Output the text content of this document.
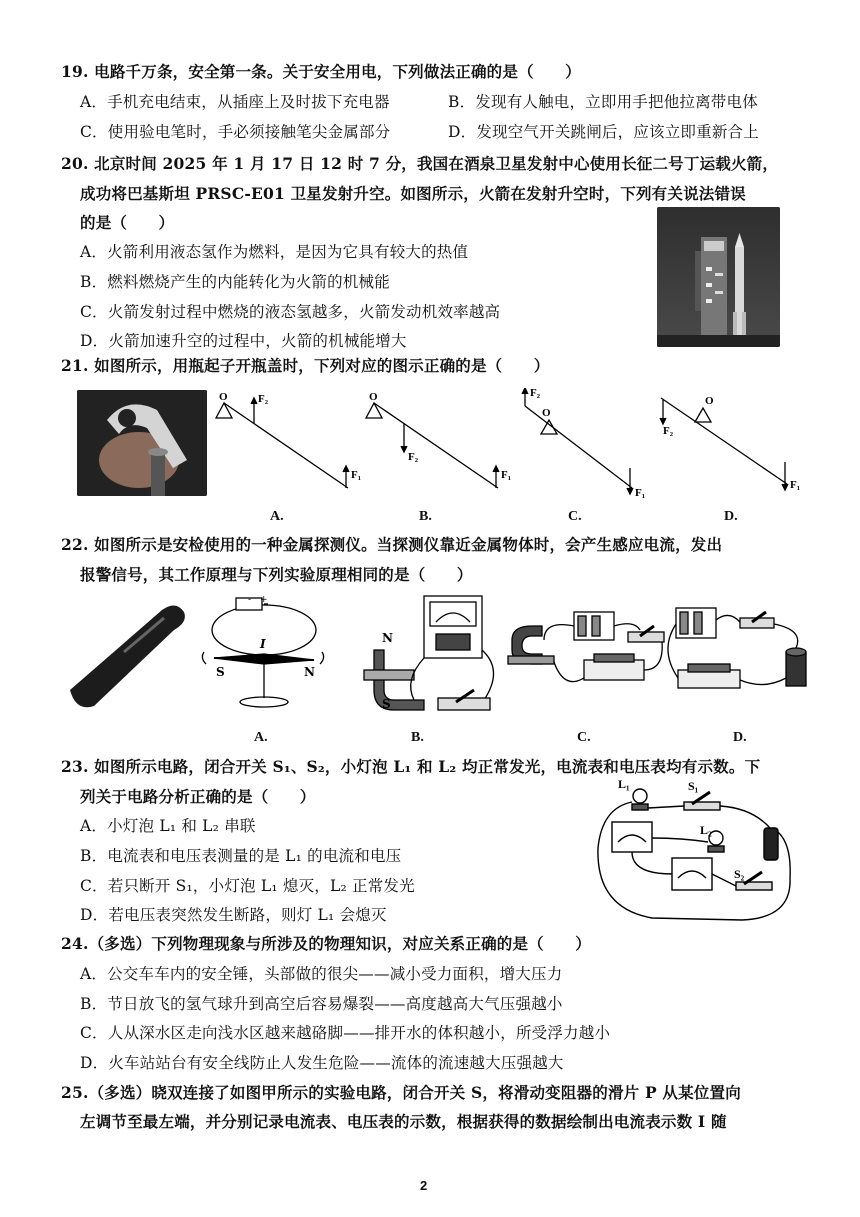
19. 电路千万条，安全第一条。关于安全用电，下列做法正确的是（　　）
A．手机充电结束，从插座上及时拔下充电器	B．发现有人触电，立即用手把他拉离带电体
C．使用验电笔时，手必须接触笔尖金属部分	D．发现空气开关跳闸后，应该立即重新合上
20. 北京时间 2025 年 1 月 17 日 12 时 7 分，我国在酒泉卫星发射中心使用长征二号丁运载火箭，
成功将巴基斯坦 PRSC-E01 卫星发射升空。如图所示，火箭在发射升空时，下列有关说法错误
的是（　　）
A．火箭利用液态氢作为燃料，是因为它具有较大的热值
B．燃料燃烧产生的内能转化为火箭的机械能
C．火箭发射过程中燃烧的液态氢越多，火箭发动机效率越高
D．火箭加速升空的过程中，火箭的机械能增大
21. 如图所示，用瓶起子开瓶盖时，下列对应的图示正确的是（　　）
O	F₂
F₁
O
F₂
F₁
F₂
O
F₁
O
F₂
F₁
A.	B.	C.	D.
22. 如图所示是安检使用的一种金属探测仪。当探测仪靠近金属物体时，会产生感应电流，发出
报警信号，其工作原理与下列实验原理相同的是（　　）
- +
I
S	N
N
S
A.	B.	C.	D.
23. 如图所示电路，闭合开关 S₁、S₂，小灯泡 L₁ 和 L₂ 均正常发光，电流表和电压表均有示数。下
列关于电路分析正确的是（　　）
A．小灯泡 L₁ 和 L₂ 串联
B．电流表和电压表测量的是 L₁ 的电流和电压
C．若只断开 S₁，小灯泡 L₁ 熄灭，L₂ 正常发光
D．若电压表突然发生断路，则灯 L₁ 会熄灭
L₁	S₁
L₂
S₂
24.（多选）下列物理现象与所涉及的物理知识，对应关系正确的是（　　）
A．公交车车内的安全锤，头部做的很尖——减小受力面积，增大压力
B．节日放飞的氢气球升到高空后容易爆裂——高度越高大气压强越小
C．人从深水区走向浅水区越来越硌脚——排开水的体积越小，所受浮力越小
D．火车站站台有安全线防止人发生危险——流体的流速越大压强越大
25.（多选）晓双连接了如图甲所示的实验电路，闭合开关 S，将滑动变阻器的滑片 P 从某位置向
左调节至最左端，并分别记录电流表、电压表的示数，根据获得的数据绘制出电流表示数 I 随
2
